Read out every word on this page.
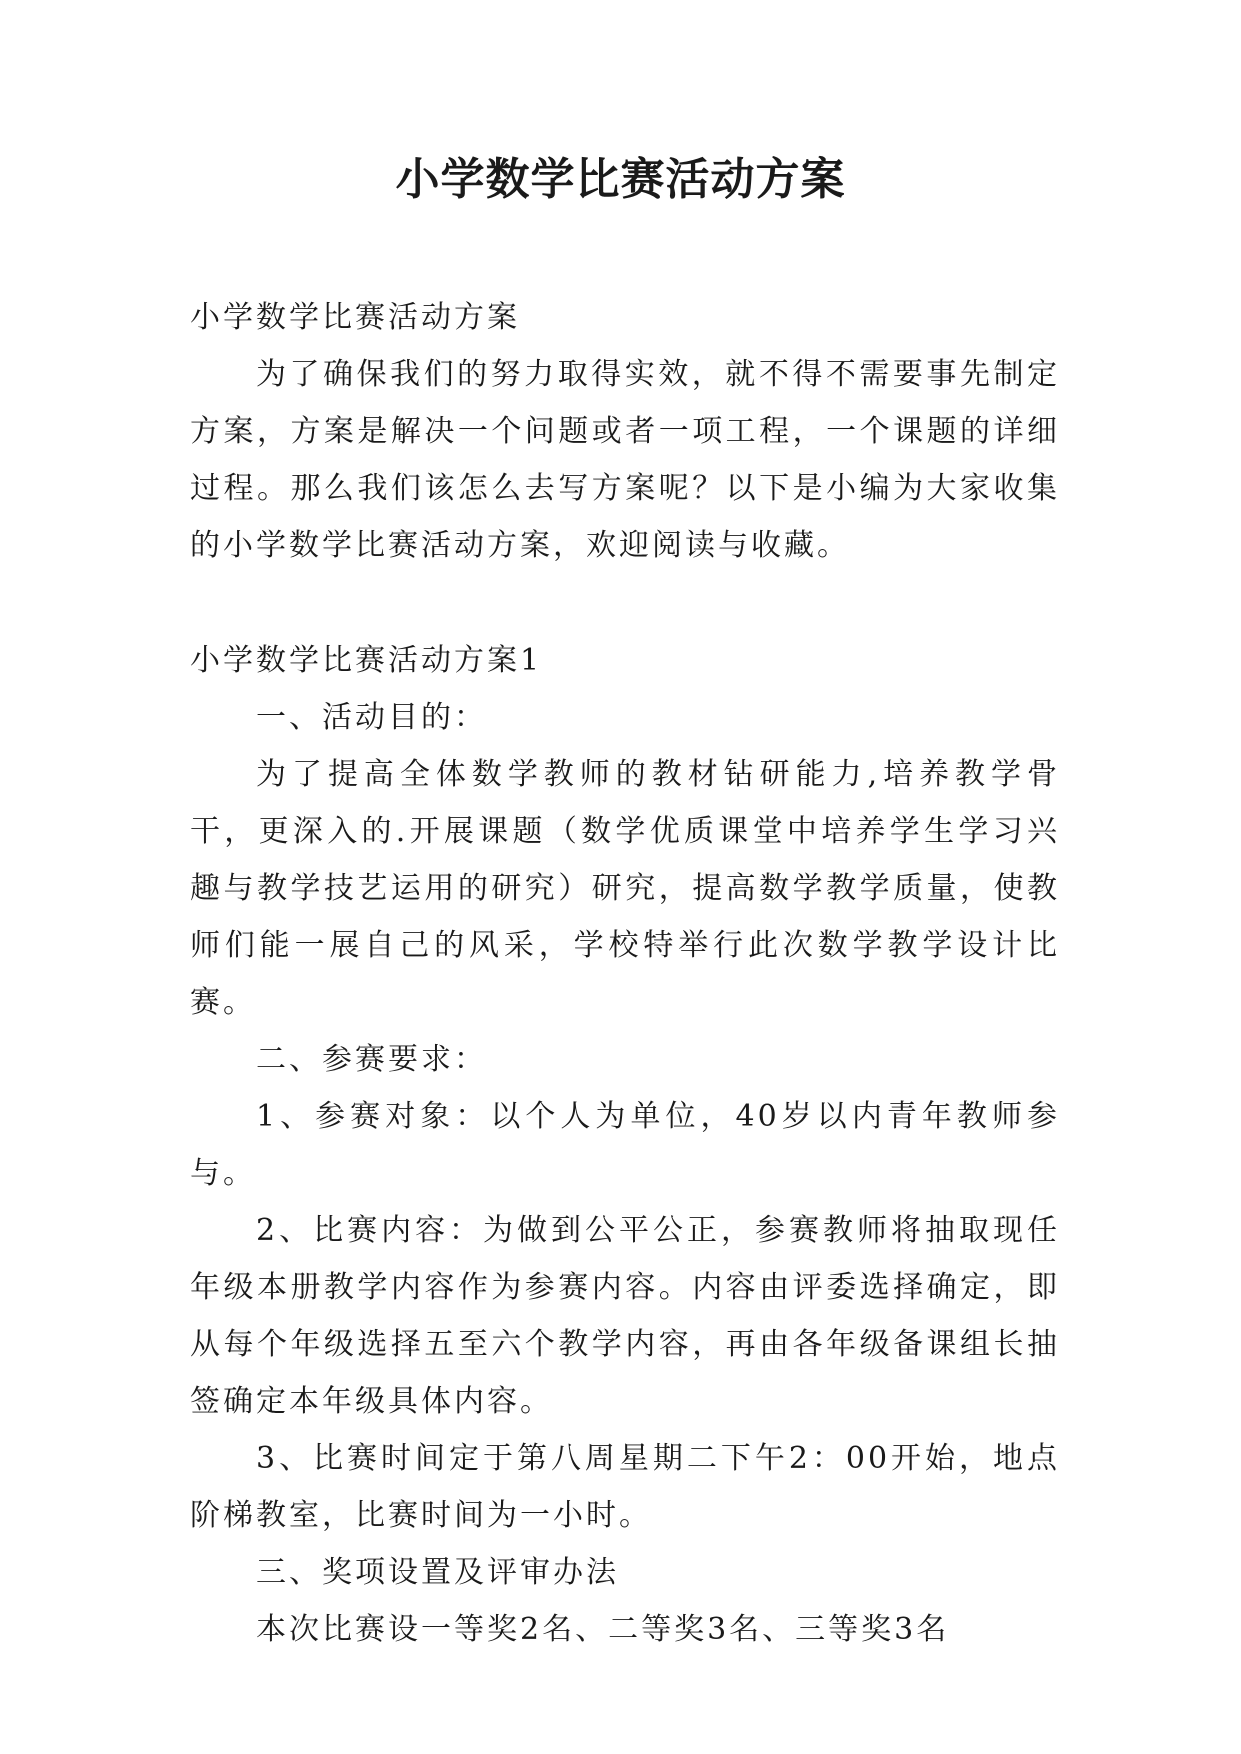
小学数学比赛活动方案

小学数学比赛活动方案

为了确保我们的努力取得实效，就不得不需要事先制定方案，方案是解决一个问题或者一项工程，一个课题的详细过程。那么我们该怎么去写方案呢？以下是小编为大家收集的小学数学比赛活动方案，欢迎阅读与收藏。

小学数学比赛活动方案1

一、活动目的：

为了提高全体数学教师的教材钻研能力,培养教学骨干，更深入的.开展课题（数学优质课堂中培养学生学习兴趣与教学技艺运用的研究）研究，提高数学教学质量，使教师们能一展自己的风采，学校特举行此次数学教学设计比赛。

二、参赛要求：

1、参赛对象：以个人为单位，40岁以内青年教师参与。

2、比赛内容：为做到公平公正，参赛教师将抽取现任年级本册教学内容作为参赛内容。内容由评委选择确定，即从每个年级选择五至六个教学内容，再由各年级备课组长抽签确定本年级具体内容。

3、比赛时间定于第八周星期二下午2：00开始，地点阶梯教室，比赛时间为一小时。

三、奖项设置及评审办法

本次比赛设一等奖2名、二等奖3名、三等奖3名
